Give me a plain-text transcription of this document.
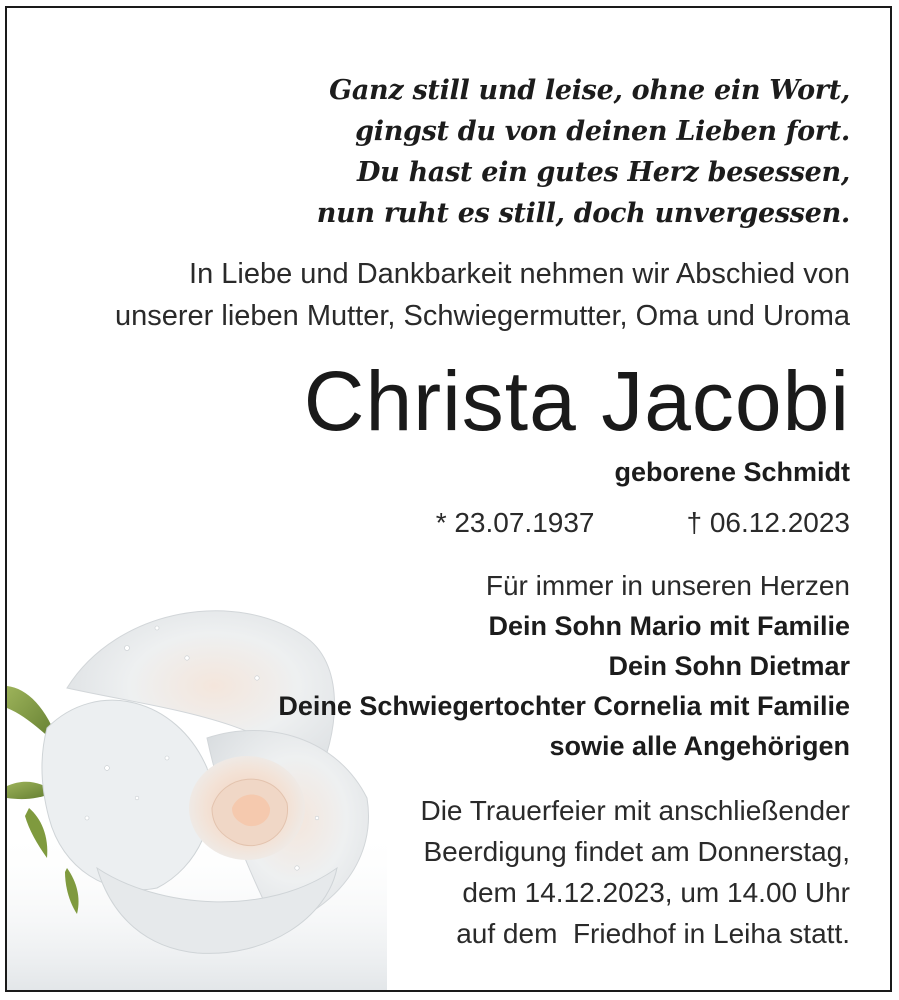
Ganz still und leise, ohne ein Wort,
gingst du von deinen Lieben fort.
Du hast ein gutes Herz besessen,
nun ruht es still, doch unvergessen.
In Liebe und Dankbarkeit nehmen wir Abschied von
unserer lieben Mutter, Schwiegermutter, Oma und Uroma
Christa Jacobi
geborene Schmidt
* 23.07.1937	† 06.12.2023
Für immer in unseren Herzen
Dein Sohn Mario mit Familie
Dein Sohn Dietmar
Deine Schwiegertochter Cornelia mit Familie
sowie alle Angehörigen
Die Trauerfeier mit anschließender
Beerdigung findet am Donnerstag,
dem 14.12.2023, um 14.00 Uhr
auf dem  Friedhof in Leiha statt.
